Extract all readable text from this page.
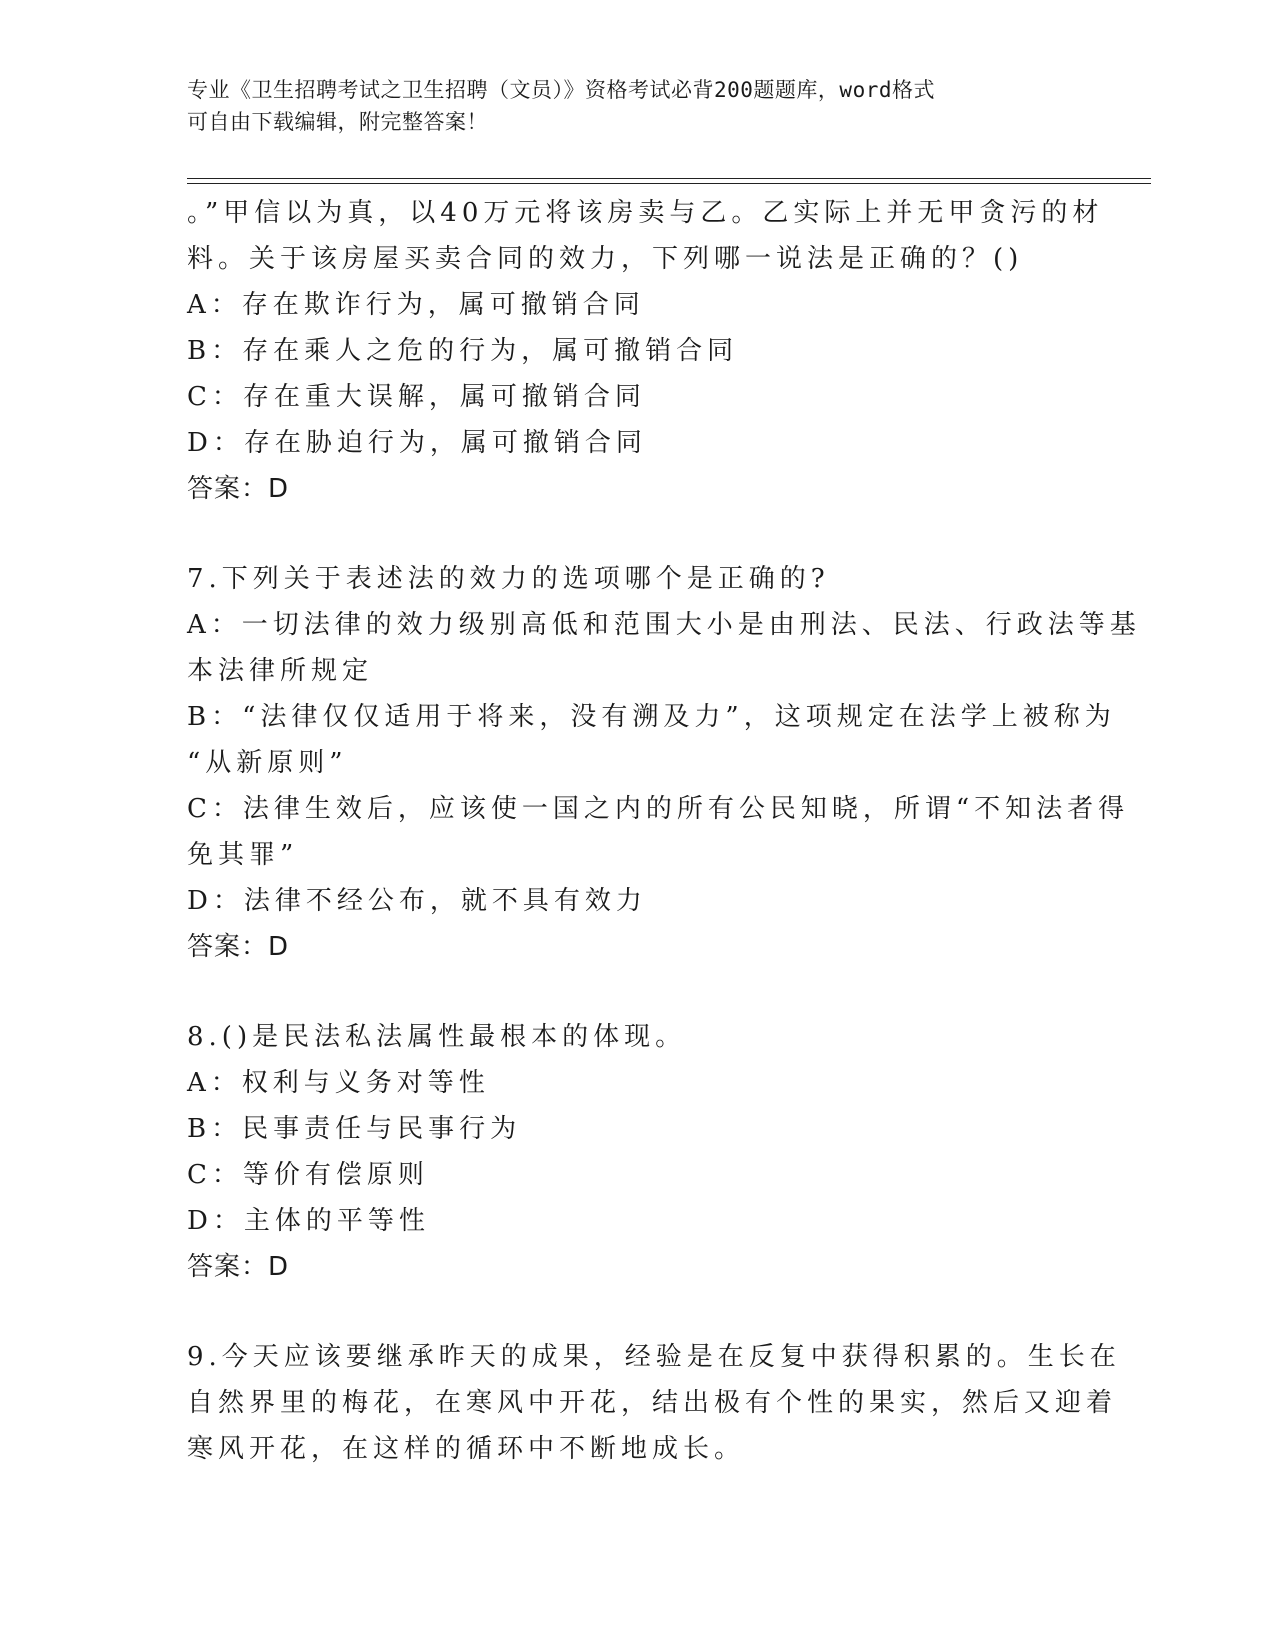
专业《卫生招聘考试之卫生招聘（文员）》资格考试必背200题题库，word格式
可自由下载编辑，附完整答案！
。”甲信以为真，以40万元将该房卖与乙。乙实际上并无甲贪污的材
料。关于该房屋买卖合同的效力，下列哪一说法是正确的？()
A：存在欺诈行为，属可撤销合同
B：存在乘人之危的行为，属可撤销合同
C：存在重大误解，属可撤销合同
D：存在胁迫行为，属可撤销合同
答案：D
7.下列关于表述法的效力的选项哪个是正确的?
A：一切法律的效力级别高低和范围大小是由刑法、民法、行政法等基
本法律所规定
B：“法律仅仅适用于将来，没有溯及力”，这项规定在法学上被称为
“从新原则”
C：法律生效后，应该使一国之内的所有公民知晓，所谓“不知法者得
免其罪”
D：法律不经公布，就不具有效力
答案：D
8.()是民法私法属性最根本的体现。
A：权利与义务对等性
B：民事责任与民事行为
C：等价有偿原则
D：主体的平等性
答案：D
9.今天应该要继承昨天的成果，经验是在反复中获得积累的。生长在
自然界里的梅花，在寒风中开花，结出极有个性的果实，然后又迎着
寒风开花，在这样的循环中不断地成长。
